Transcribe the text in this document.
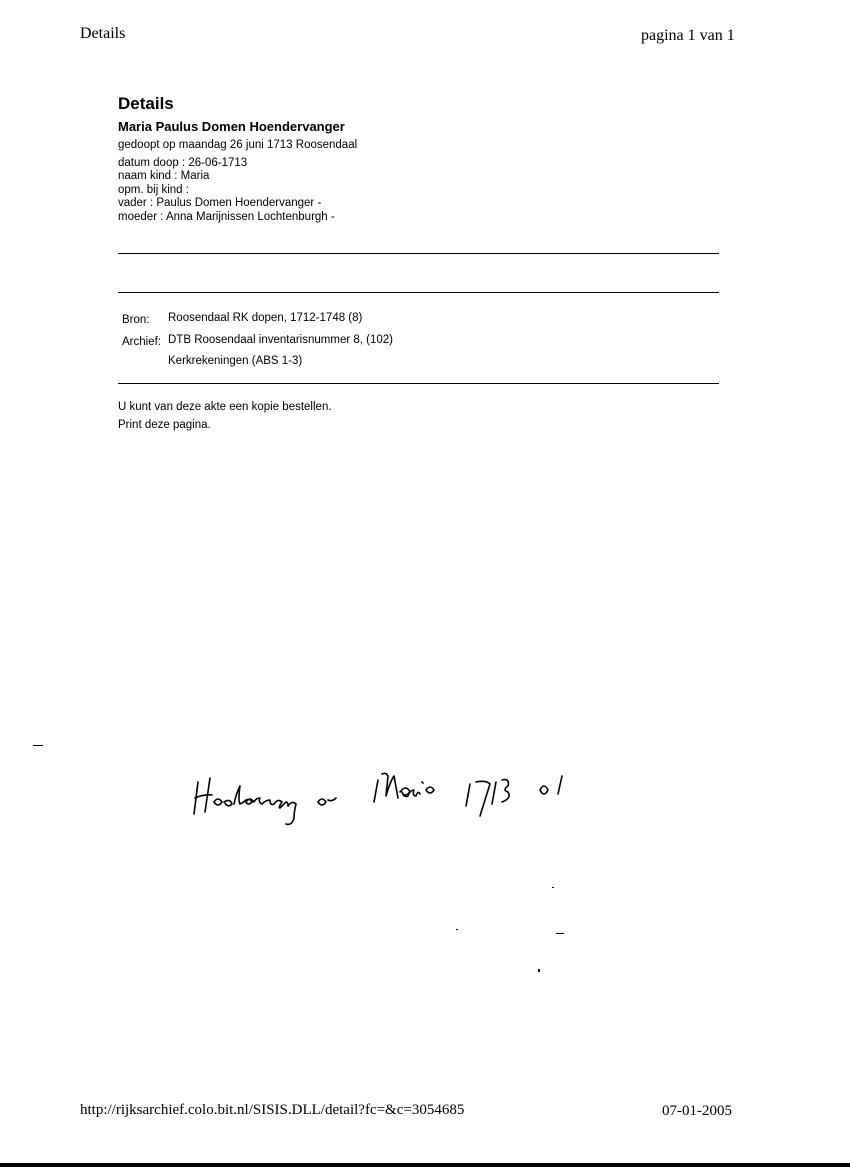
Details	pagina 1 van 1
Details
Maria Paulus Domen Hoendervanger
gedoopt op maandag 26 juni 1713 Roosendaal
datum doop : 26-06-1713
naam kind : Maria
opm. bij kind :
vader : Paulus Domen Hoendervanger -
moeder : Anna Marijnissen Lochtenburgh -
Bron: Roosendaal RK dopen, 1712-1748 (8)
Archief: DTB Roosendaal inventarisnummer 8, (102)
Kerkrekeningen (ABS 1-3)
U kunt van deze akte een kopie bestellen.
Print deze pagina.
http://rijksarchief.colo.bit.nl/SISIS.DLL/detail?fc=&c=3054685	07-01-2005
